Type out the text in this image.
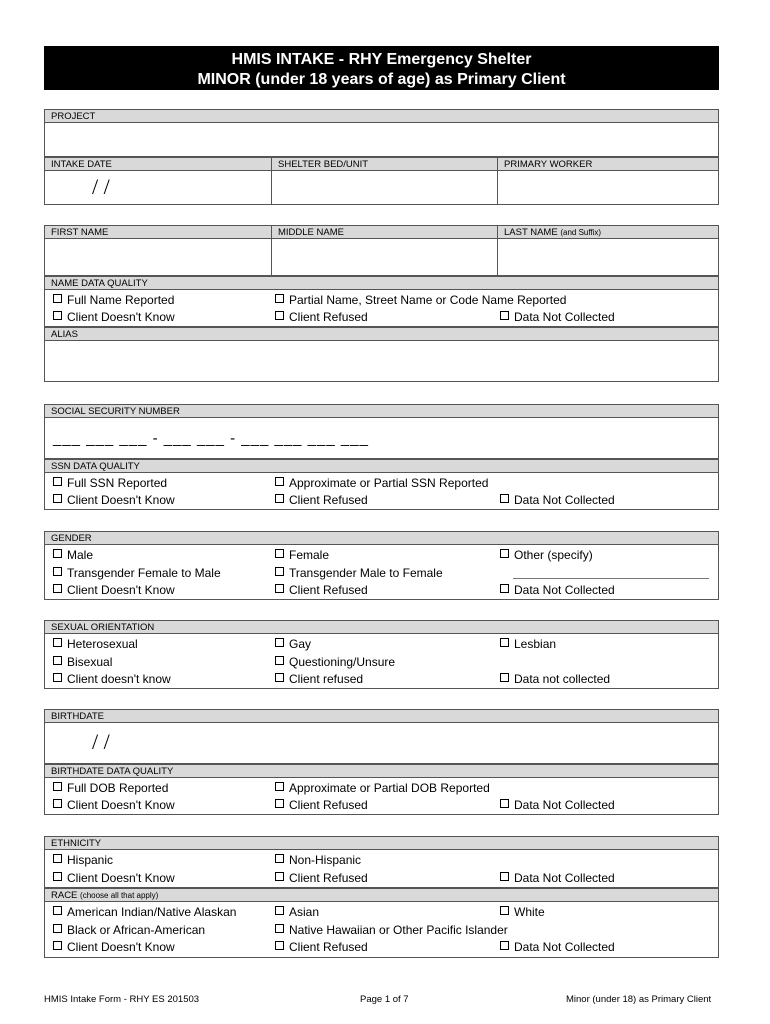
HMIS INTAKE - RHY Emergency Shelter
MINOR (under 18 years of age) as Primary Client
PROJECT
INTAKE DATE
/ /
SHELTER BED/UNIT	PRIMARY WORKER
FIRST NAME	MIDDLE NAME	LAST NAME (and Suffix)
NAME DATA QUALITY
Full Name Reported	Partial Name, Street Name or Code Name Reported
Client Doesn't Know	Client Refused	Data Not Collected
ALIAS
SOCIAL SECURITY NUMBER
___ ___ ___ - ___ ___ - ___ ___ ___ ___
SSN DATA QUALITY
Full SSN Reported	Approximate or Partial SSN Reported
Client Doesn't Know	Client Refused	Data Not Collected
GENDER
Male	Female	Other (specify)
Transgender Female to Male	Transgender Male to Female
Client Doesn't Know	Client Refused	Data Not Collected
SEXUAL ORIENTATION
Heterosexual	Gay	Lesbian
Bisexual	Questioning/Unsure
Client doesn't know	Client refused	Data not collected
BIRTHDATE
/ /
BIRTHDATE DATA QUALITY
Full DOB Reported	Approximate or Partial DOB Reported
Client Doesn't Know	Client Refused	Data Not Collected
ETHNICITY
Hispanic	Non-Hispanic
Client Doesn't Know	Client Refused	Data Not Collected
RACE (choose all that apply)
American Indian/Native Alaskan	Asian	White
Black or African-American	Native Hawaiian or Other Pacific Islander
Client Doesn't Know	Client Refused	Data Not Collected
HMIS Intake Form - RHY ES 201503	Page 1 of 7	Minor (under 18) as Primary Client
